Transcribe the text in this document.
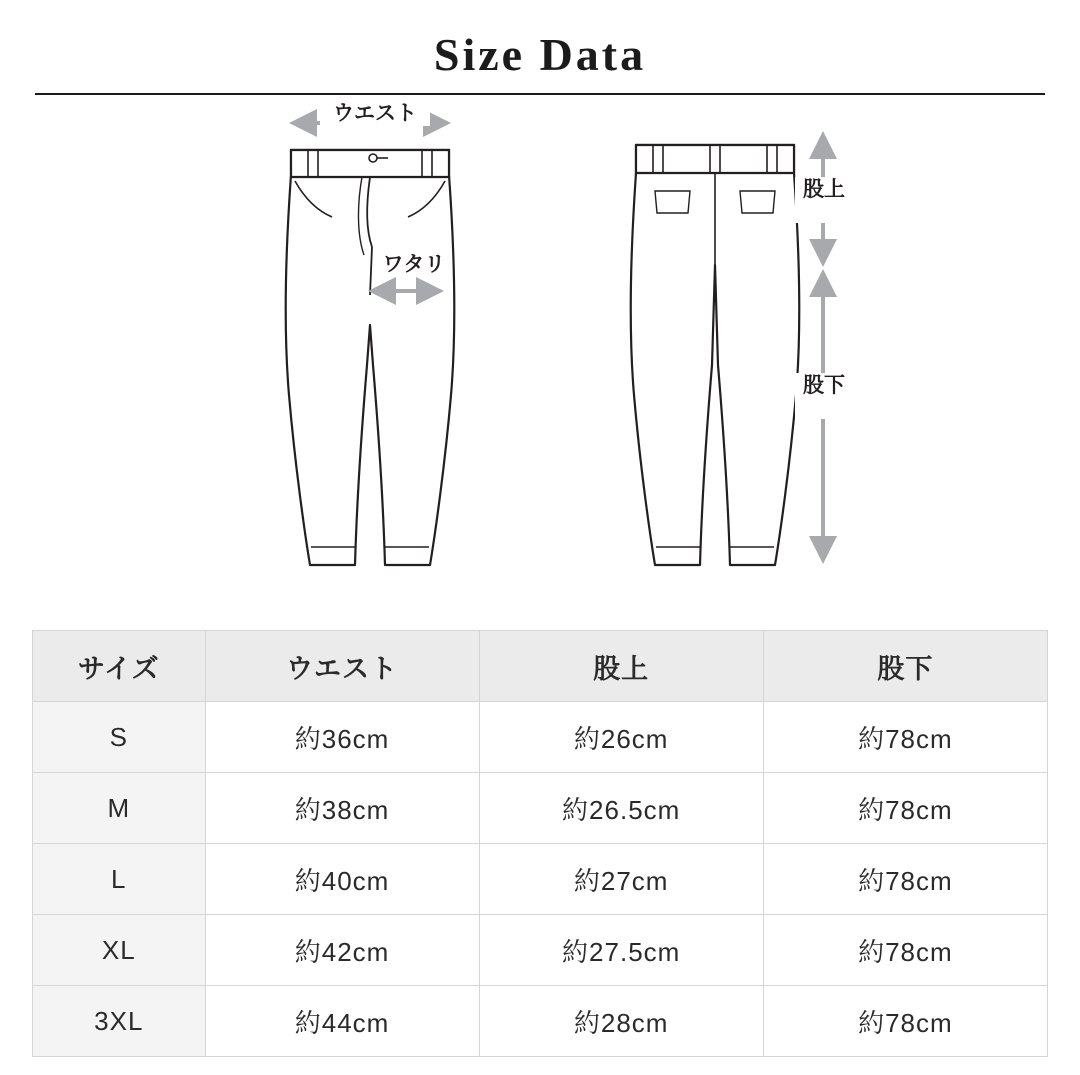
Size Data
ウエスト
ワタリ
股上
股下
サイズ	ウエスト	股上	股下
S	約36cm	約26cm	約78cm
M	約38cm	約26.5cm	約78cm
L	約40cm	約27cm	約78cm
XL	約42cm	約27.5cm	約78cm
3XL	約44cm	約28cm	約78cm
